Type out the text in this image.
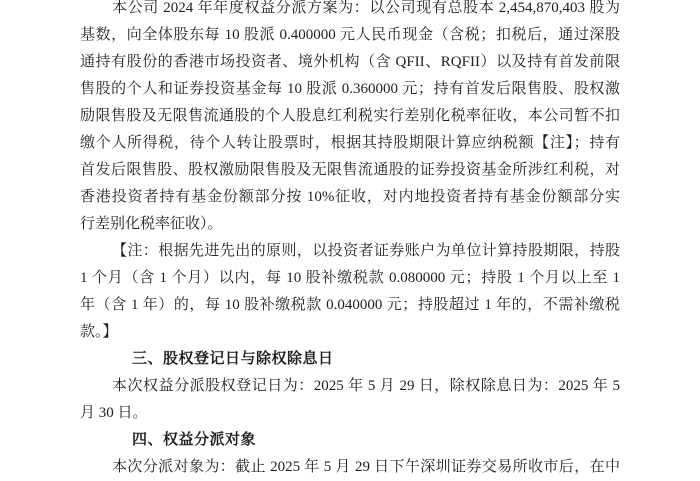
本公司 2024 年年度权益分派方案为：以公司现有总股本 2,454,870,403 股为
基数，向全体股东每 10 股派 0.400000 元人民币现金（含税；扣税后，通过深股
通持有股份的香港市场投资者、境外机构（含 QFII、RQFII）以及持有首发前限
售股的个人和证券投资基金每 10 股派 0.360000 元；持有首发后限售股、股权激
励限售股及无限售流通股的个人股息红利税实行差别化税率征收，本公司暂不扣
缴个人所得税，待个人转让股票时，根据其持股期限计算应纳税额【注】；持有
首发后限售股、股权激励限售股及无限售流通股的证券投资基金所涉红利税，对
香港投资者持有基金份额部分按 10%征收，对内地投资者持有基金份额部分实
行差别化税率征收）。
【注：根据先进先出的原则，以投资者证券账户为单位计算持股期限，持股
1 个月（含 1 个月）以内，每 10 股补缴税款 0.080000 元；持股 1 个月以上至 1
年（含 1 年）的，每 10 股补缴税款 0.040000 元；持股超过 1 年的，不需补缴税
款。】
三、股权登记日与除权除息日
本次权益分派股权登记日为：2025 年 5 月 29 日，除权除息日为：2025 年 5
月 30 日。
四、权益分派对象
本次分派对象为：截止 2025 年 5 月 29 日下午深圳证券交易所收市后，在中
